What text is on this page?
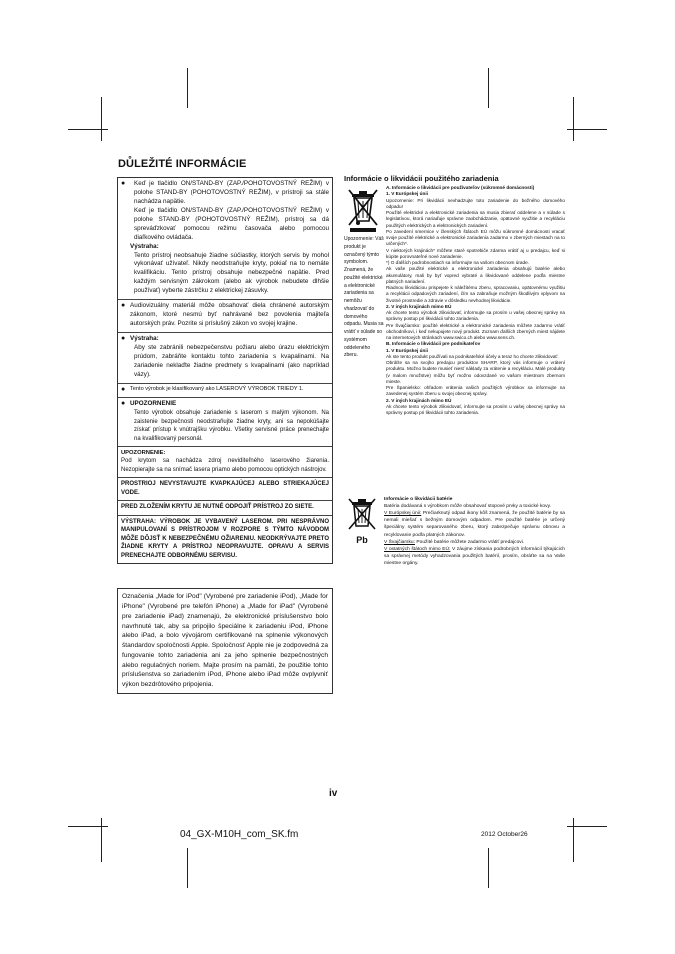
DŮLEŽITÉ INFORMÁCIE
●	Keď je tlačidlo ON/STAND-BY (ZAP./POHOTOVOSTNÝ REŽIM) v polohe STAND-BY (POHOTOVOSTNÝ REŽIM), v prístroji sa stále nachádza napätie.
Keď je tlačidlo ON/STAND-BY (ZAP./POHOTOVOSTNÝ REŽIM) v polohe STAND-BY (POHOTOVOSTNÝ REŽIM), prístroj sa dá spreváďzkovať pomocou režimu časovača alebo pomocou diaľkového ovládača.
Výstraha:
Tento prístroj neobsahuje žiadne súčiastky, ktorých servis by mohol vykonávať užívateľ. Nikdy neodstraňujte kryty, pokiaľ na to nemáte kvalifikáciu. Tento prístroj obsahuje nebezpečné napätie. Pred každým servisným zákrokom (alebo ak výrobok nebudete dlhšie používať) vyberte zástrčku z elektrickej zásuvky.
● Audiovizuálny materiál môže obsahovať diela chránené autorským zákonom, ktoré nesmú byť nahrávané bez povolenia majiteľa autorských práv. Pozrite si príslušný zákon vo svojej krajine.
● Výstraha:
Aby ste zabránili nebezpečenstvu požiaru alebo úrazu elektrickým prúdom, zabráňte kontaktu tohto zariadenia s kvapalinami. Na zariadenie neklaďte žiadne predmety s kvapalinami (ako napríklad vázy).
● Tento výrobok je klasifikovaný ako LASEROVÝ VÝROBOK TRIEDY 1.
● UPOZORNENIE
Tento výrobok obsahuje zariadenie s laserom s malým výkonom. Na zaistenie bezpečnosti neodstraňujte žiadne kryty, ani sa nepokúšajte získať prístup k vnútrajšku výrobku. Všetky servisné práce prenechajte na kvalifikovaný personál.
UPOZORNENIE:
Pod krytom sa nachádza zdroj neviditeľného laserového žiarenia. Nezopierajte sa na snímač lasera priamo alebo pomocou optických nástrojov.
PROSTRIOJ NEVYSTAVUJTE KVAPKAJÚCEJ ALEBO STRIEKAJÚCEJ VODE.
PRED ZLOŽENÍM KRYTU JE NUTNÉ ODPOJIŤ PRÍSTROJ ZO SIETE.
VÝSTRAHA: VÝROBOK JE VYBAVENÝ LASEROM. PRI NESPRÁVNO MANIPULOVANÍ S PRÍSTROJOM V ROZPORE S TÝMTO NÁVODOM MÔŽE DÔJSŤ K NEBEZPEČNÉMU OŽIARENIU. NEODKRÝVAJTE PRETO ŽIADNE KRYTY A PRÍSTROJ NEOPRAVUJTE. OPRAVU A SERVIS PRENECHAJTE ODBORNÉMU SERVISU.
Označenia „Made for iPod" (Vyrobené pre zariadenie iPod), „Made for iPhone" (Vyrobené pre telefón iPhone) a „Made for iPad" (Vyrobené pre zariadenie iPad) znamenajú, že elektronické príslušenstvo bolo navrhnuté tak, aby sa pripojilo špeciálne k zariadeniu iPod, iPhone alebo iPad, a bolo vývojárom certifikované na splnenie výkonových štandardov spoločnosti Apple. Spoločnosť Apple nie je zodpovedná za fungovanie tohto zariadenia ani za jeho splnenie bezpečnostných alebo regulačných noriem. Majte prosím na pamäti, že použitie tohto príslušenstva so zariadením iPod, iPhone alebo iPad môže ovplyvniť výkon bezdrôtového pripojenia.
Informácie o likvidácii použitého zariadenia
Upozornenie: Váš produkt je označený týmto symbolom. Znamená, že použité elektrické a elektronické zariadenia sa nemôžu vhadzovať do domového odpadu. Musia sa vrátiť v súlade so systémom oddeleného zberu.

A. Informácie o likvidácii pre používateľov (súkromné domácnosti)

1. V Európskej únii

Upozornenie: Pri likvidácii nevhadzujte toto zariadenie do bežného domového odpadu!

Použité elektrické a elektronické zariadenia sa musia zbierať oddelene a v súlade s legislatívou, ktorá nariaďuje správne zaobchádzanie, opätovné využitie a recykláciu použitých elektrických a elektronických zariadení.

Po zavedení smernice v členských štátoch EÚ môžu súkromné domácnosti vracať svoje použité elektrické a elektronické zariadenia zadarmo v zberných miestach na to určených*.

V niektorých krajinách* môžete staré spotrebiče zdarma vrátiť aj u predajcu, keď si kúpite porovnateľné nové zariadenie.

*) O ďalších podrobnostiach sa informujte na vašom obecnom úrade.

Ak vaše použité elektrické a elektronické zariadenia obsahujú batérie alebo akumulátory, mali by byť vopred vybraté a likvidované oddelene podľa miestne platných nariadení.

Riadnou likvidáciou prispejete k náležitému zberu, spracovaniu, opätovnému využitiu a recyklácii odpadových zariadení, čím sa zabraňuje možným škodlivým vplyvom na životné prostredie a zdravie v dôsledku nevhodnej likvidácie.

2. V iných krajinách mimo EÚ

Ak chcete tento výrobok zlikvidovať, informujte sa prosím u vašej obecnej správy na správny postup pri likvidácii tohto zariadenia.

Pre Švajčiarsko: použité elektrické a elektronické zariadenia môžete zadarmo vrátiť obchodníkovi, i keď nekupujete nový produkt. Zoznam ďalších zberných miest nájdete na internetových stránkach www.swico.ch alebo www.sens.ch.

B. Informácie o likvidácii pre podnikateľov

1. V Európskej únii

Ak ste tento produkt používali na podnikateľské účely a teraz ho chcete zlikvidovať:

Obráťte sa na svojho predajcu produktov SHARP, ktorý vás informuje o vrátení produktu. Možno budete musieť niesť náklady za vrátenie a recykláciu. Malé produkty (v malom množstve) môžu byť možno odovzdané vo vašom miestnom zbernom mieste.

Pre Španielsko: ohľadom vrátenia vašich použitých výrobkov sa informujte na zavedenej systém zberu u svojej obecnej správy.

2. V iných krajinách mimo EÚ

Ak chcete tento výrobok zlikvidovať, informujte sa prosím u vašej obecnej správy na správny postup pri likvidácii tohto zariadenia.

Pb
Informácie o likvidácii batérie
Batéria dodávaná s výrobkom môže obsahovať stopové prvky a toxické kovy.
V Európskej únii: Prečiarknutý odpad ikony kôš znamená, že použité batérie by sa nemali miešať s bežným domovým odpadom. Pre použité batérie je určený špeciálny systém separovaného zberu, ktorý zabezpečuje správnu obnovu a recyklovanie podľa platných zákonov.
V Švajčiarsku: Použité batérie môžete zadarmo vrátiť predajcovi.
V ostatných štátoch mimo EÚ: V záujme získania podrobných informácií týkajúcich sa správnej metódy vyhadzovania použitých batérií, prosím, obráťte sa na Vaše miestne orgány.
iv
04_GX-M10H_com_SK.fm	2012 October26
